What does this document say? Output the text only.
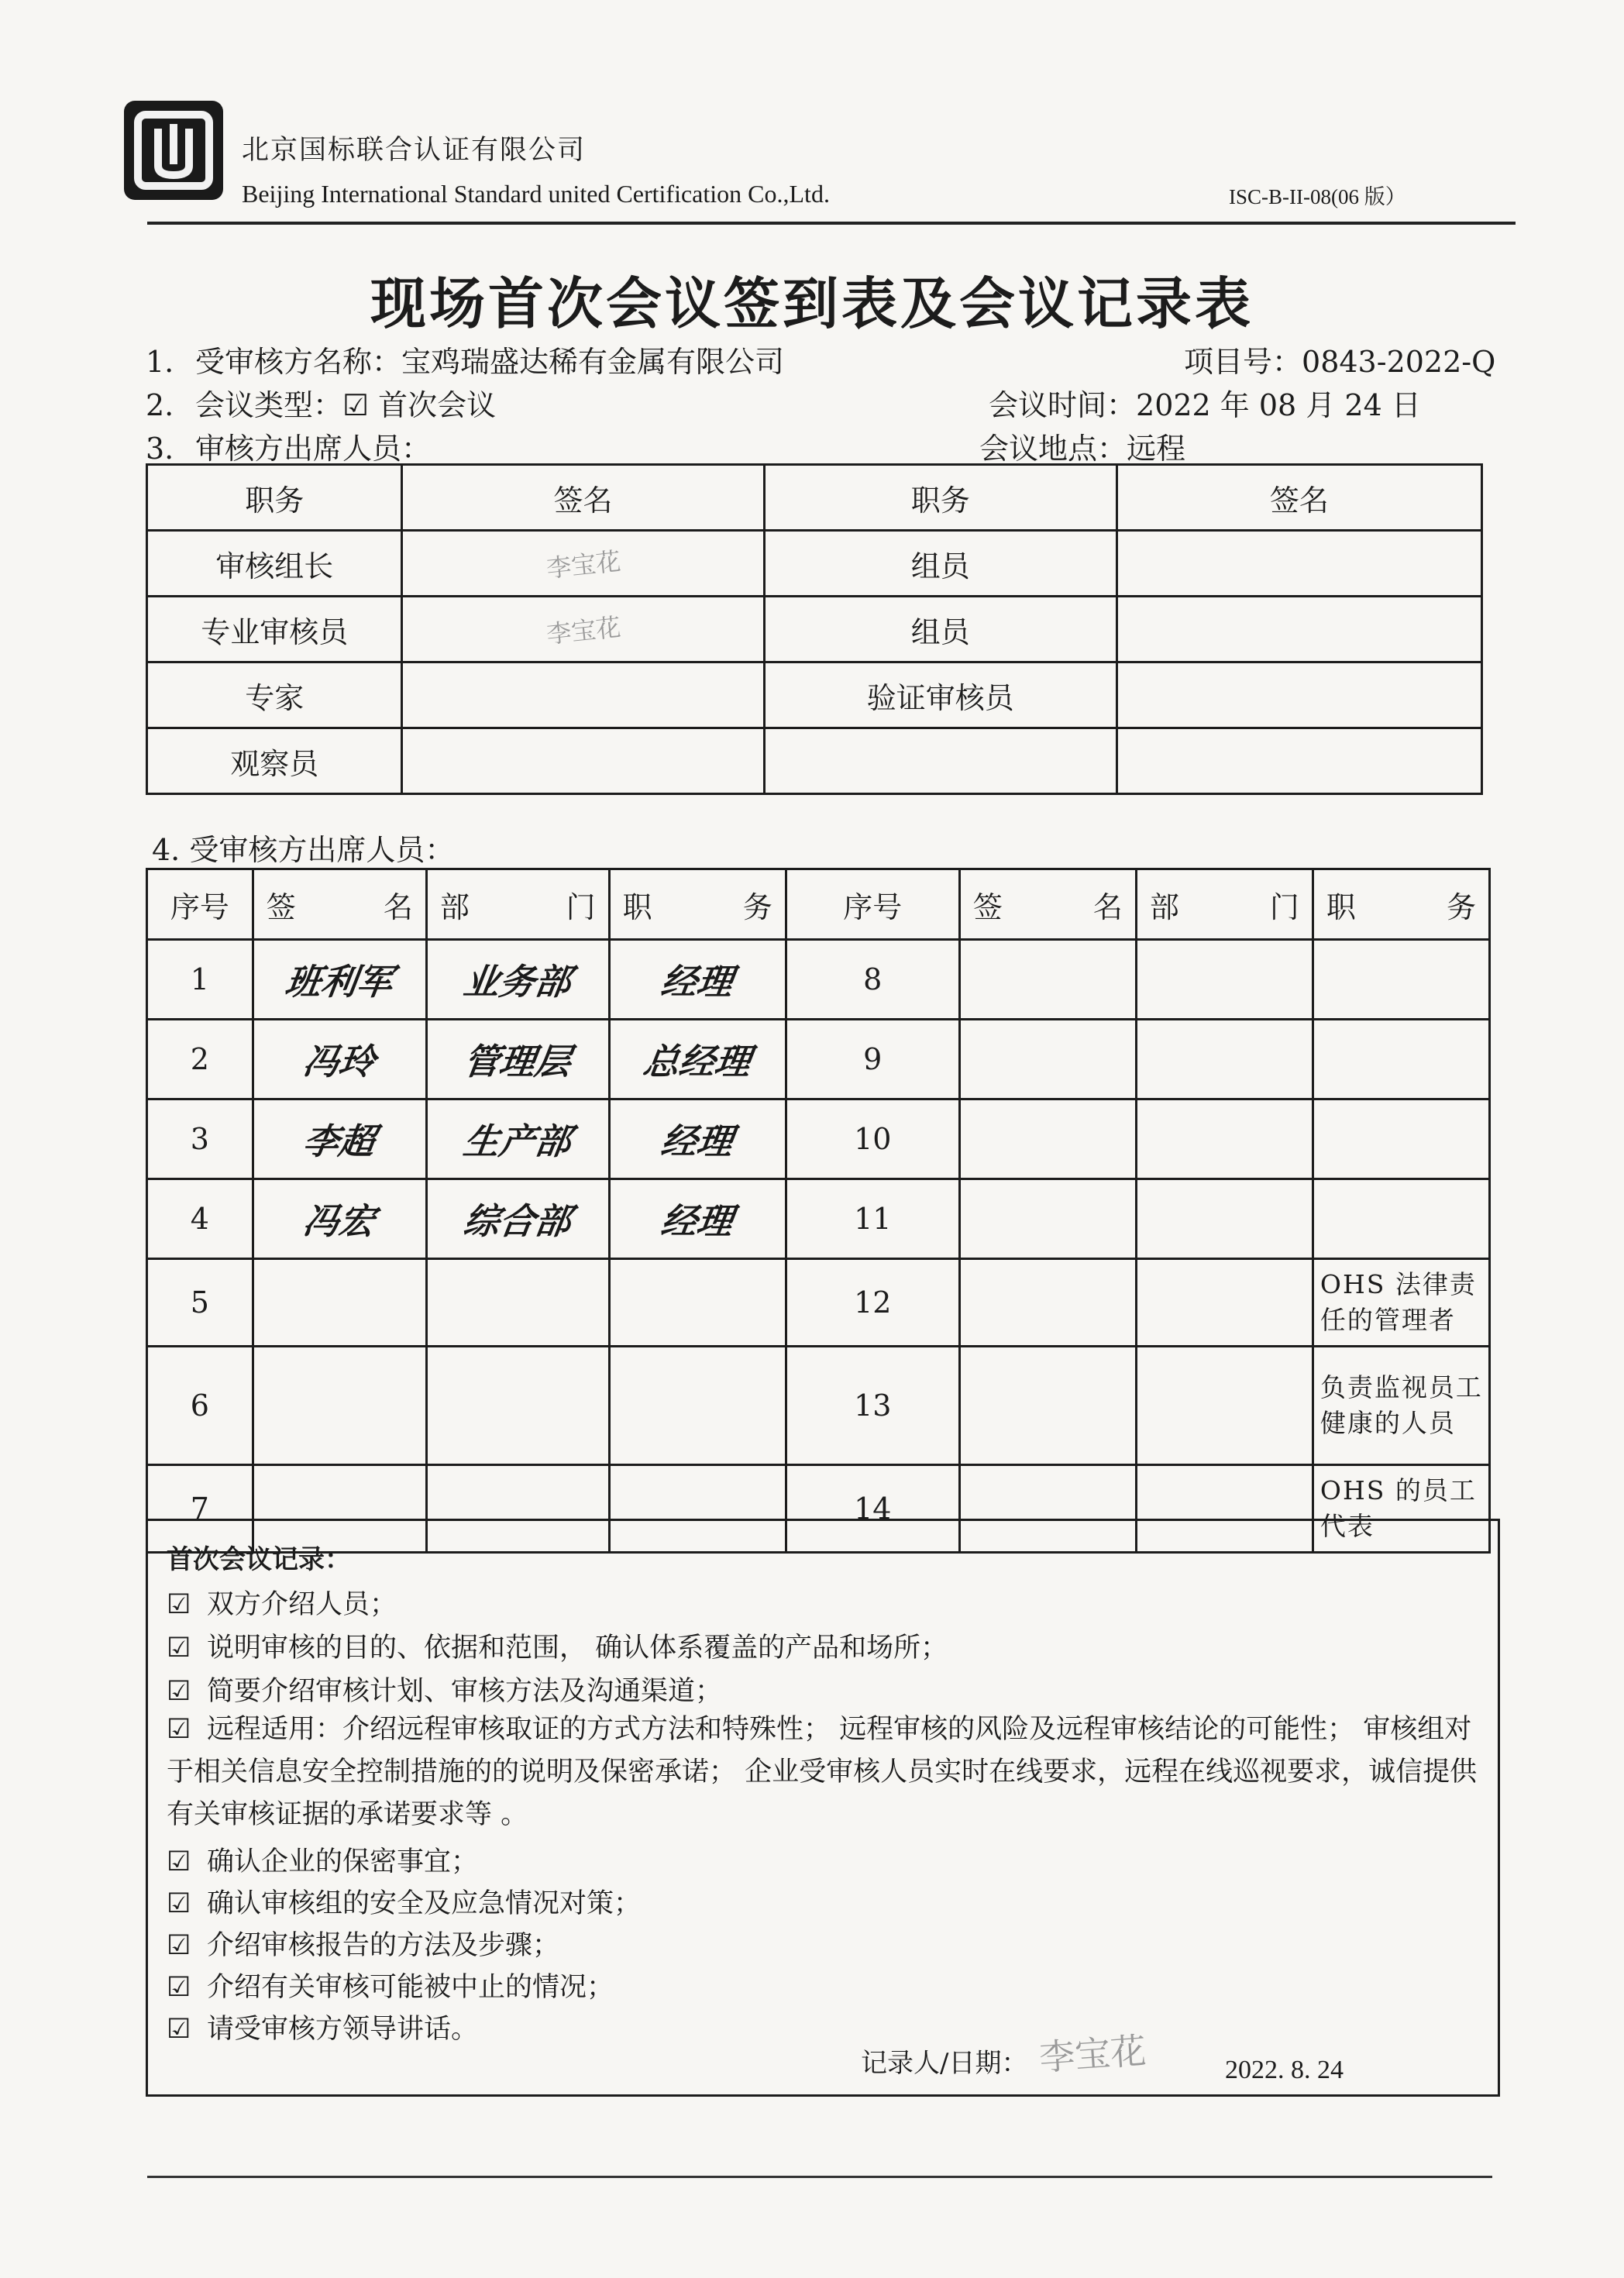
北京国标联合认证有限公司
Beijing International Standard united Certification Co.,Ltd.	ISC-B-II-08(06 版）
现场首次会议签到表及会议记录表
1. 受审核方名称：宝鸡瑞盛达稀有金属有限公司	项目号：0843-2022-Q
2. 会议类型：☑ 首次会议	会议时间：2022 年 08 月 24 日
3. 审核方出席人员：	会议地点：远程
职务	签名	职务	签名
审核组长	李宝花	组员	
专业审核员	李宝花	组员	
专家		验证审核员	
观察员			
4. 受审核方出席人员：
序号	签 名	部 门	职 务	序号	签 名	部 门	职 务

1	班利军	业务部	经理	8			
2	冯玲	管理层	总经理	9			
3	李超	生产部	经理	10			
4	冯宏	综合部	经理	11			
5				12			OHS 法律责任的管理者
6				13			负责监视员工健康的人员
7				14			OHS 的员工代表
首次会议记录：
☑ 双方介绍人员；
☑ 说明审核的目的、依据和范围， 确认体系覆盖的产品和场所；
☑ 简要介绍审核计划、审核方法及沟通渠道；
☑ 远程适用：介绍远程审核取证的方式方法和特殊性； 远程审核的风险及远程审核结论的可能性； 审核组对于相关信息安全控制措施的的说明及保密承诺； 企业受审核人员实时在线要求，远程在线巡视要求，诚信提供有关审核证据的承诺要求等 。
☑ 确认企业的保密事宜；
☑ 确认审核组的安全及应急情况对策；
☑ 介绍审核报告的方法及步骤；
☑ 介绍有关审核可能被中止的情况；
☑ 请受审核方领导讲话。
记录人/日期： 李宝花	2022. 8. 24
